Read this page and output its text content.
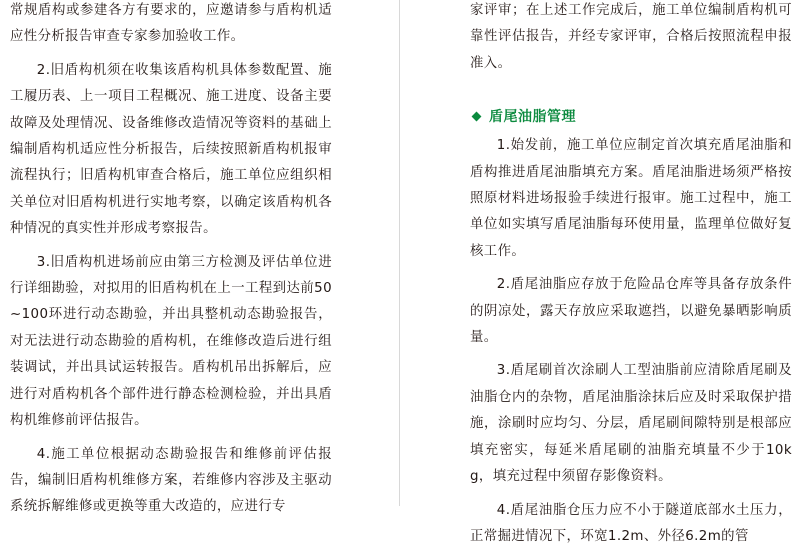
常规盾构或参建各方有要求的，应邀请参与盾构机适应性分析报告审查专家参加验收工作。

2.旧盾构机须在收集该盾构机具体参数配置、施工履历表、上一项目工程概况、施工进度、设备主要故障及处理情况、设备维修改造情况等资料的基础上编制盾构机适应性分析报告，后续按照新盾构机报审流程执行；旧盾构机审查合格后，施工单位应组织相关单位对旧盾构机进行实地考察，以确定该盾构机各种情况的真实性并形成考察报告。

3.旧盾构机进场前应由第三方检测及评估单位进行详细勘验，对拟用的旧盾构机在上一工程到达前50~100环进行动态勘验，并出具整机动态勘验报告，对无法进行动态勘验的盾构机，在维修改造后进行组装调试，并出具试运转报告。盾构机吊出拆解后，应进行对盾构机各个部件进行静态检测检验，并出具盾构机维修前评估报告。

4.施工单位根据动态勘验报告和维修前评估报告，编制旧盾构机维修方案，若维修内容涉及主驱动系统拆解维修或更换等重大改造的，应进行专

家评审；在上述工作完成后，施工单位编制盾构机可靠性评估报告，并经专家评审，合格后按照流程申报准入。

盾尾油脂管理

1.始发前，施工单位应制定首次填充盾尾油脂和盾构推进盾尾油脂填充方案。盾尾油脂进场须严格按照原材料进场报验手续进行报审。施工过程中，施工单位如实填写盾尾油脂每环使用量，监理单位做好复核工作。

2.盾尾油脂应存放于危险品仓库等具备存放条件的阴凉处，露天存放应采取遮挡，以避免暴晒影响质量。

3.盾尾刷首次涂刷人工型油脂前应清除盾尾刷及油脂仓内的杂物，盾尾油脂涂抹后应及时采取保护措施，涂刷时应均匀、分层，盾尾刷间隙特别是根部应填充密实，每延米盾尾刷的油脂充填量不少于10kg，填充过程中须留存影像资料。

4.盾尾油脂仓压力应不小于隧道底部水土压力，正常掘进情况下，环宽1.2m、外径6.2m的管
